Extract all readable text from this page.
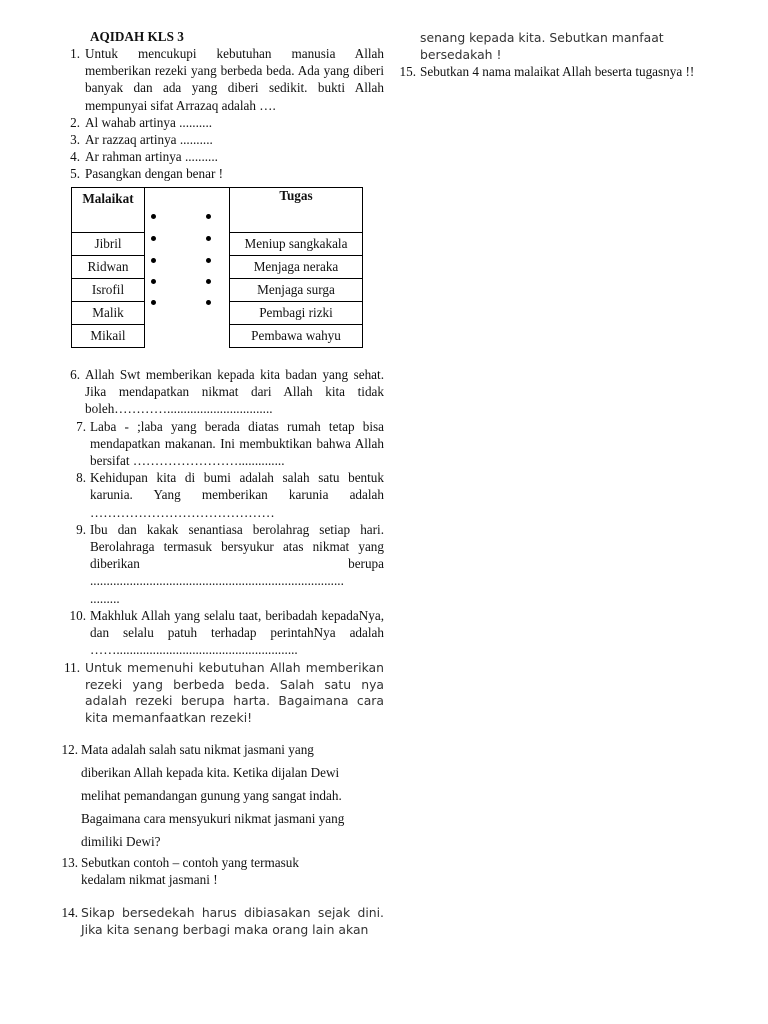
AQIDAH KLS 3
1. Untuk mencukupi kebutuhan manusia Allah memberikan rezeki yang berbeda beda. Ada yang diberi banyak dan ada yang diberi sedikit. bukti Allah mempunyai sifat Arrazaq adalah ….
2. Al wahab artinya ..........
3. Ar razzaq artinya ..........
4. Ar rahman artinya ..........
5. Pasangkan dengan benar !
Malaikat		Tugas
Jibril		Meniup sangkakala
Ridwan		Menjaga neraka
Isrofil		Menjaga surga
Malik		Pembagi rizki
Mikail		Pembawa wahyu
6. Allah Swt memberikan kepada kita badan yang sehat. Jika mendapatkan nikmat dari Allah kita tidak boleh…………................................
7. Laba - ;laba yang berada diatas rumah tetap bisa mendapatkan makanan. Ini membuktikan bahwa Allah bersifat ……………………..............
8. Kehidupan kita di bumi adalah salah satu bentuk karunia. Yang memberikan karunia adalah ……………………………………
9. Ibu dan kakak senantiasa berolahrag setiap hari. Berolahraga termasuk bersyukur atas nikmat yang diberikan berupa
.............................................................................
.........
10. Makhluk Allah yang selalu taat, beribadah kepadaNya, dan selalu patuh terhadap perintahNya adalah
…….......................................................
11. Untuk memenuhi kebutuhan Allah memberikan rezeki yang berbeda beda. Salah satu nya adalah rezeki berupa harta. Bagaimana cara kita memanfaatkan rezeki!
12. Mata adalah salah satu nikmat jasmani yang

diberikan Allah kepada kita. Ketika dijalan Dewi

melihat pemandangan gunung yang sangat indah.

Bagaimana cara mensyukuri nikmat jasmani yang

dimiliki Dewi?

13. Sebutkan contoh – contoh yang termasuk
kedalam nikmat jasmani !
14. Sikap bersedekah harus dibiasakan sejak dini. Jika kita senang berbagi maka orang lain akan
senang kepada kita. Sebutkan manfaat bersedakah !
15. Sebutkan 4 nama malaikat Allah beserta tugasnya !!
